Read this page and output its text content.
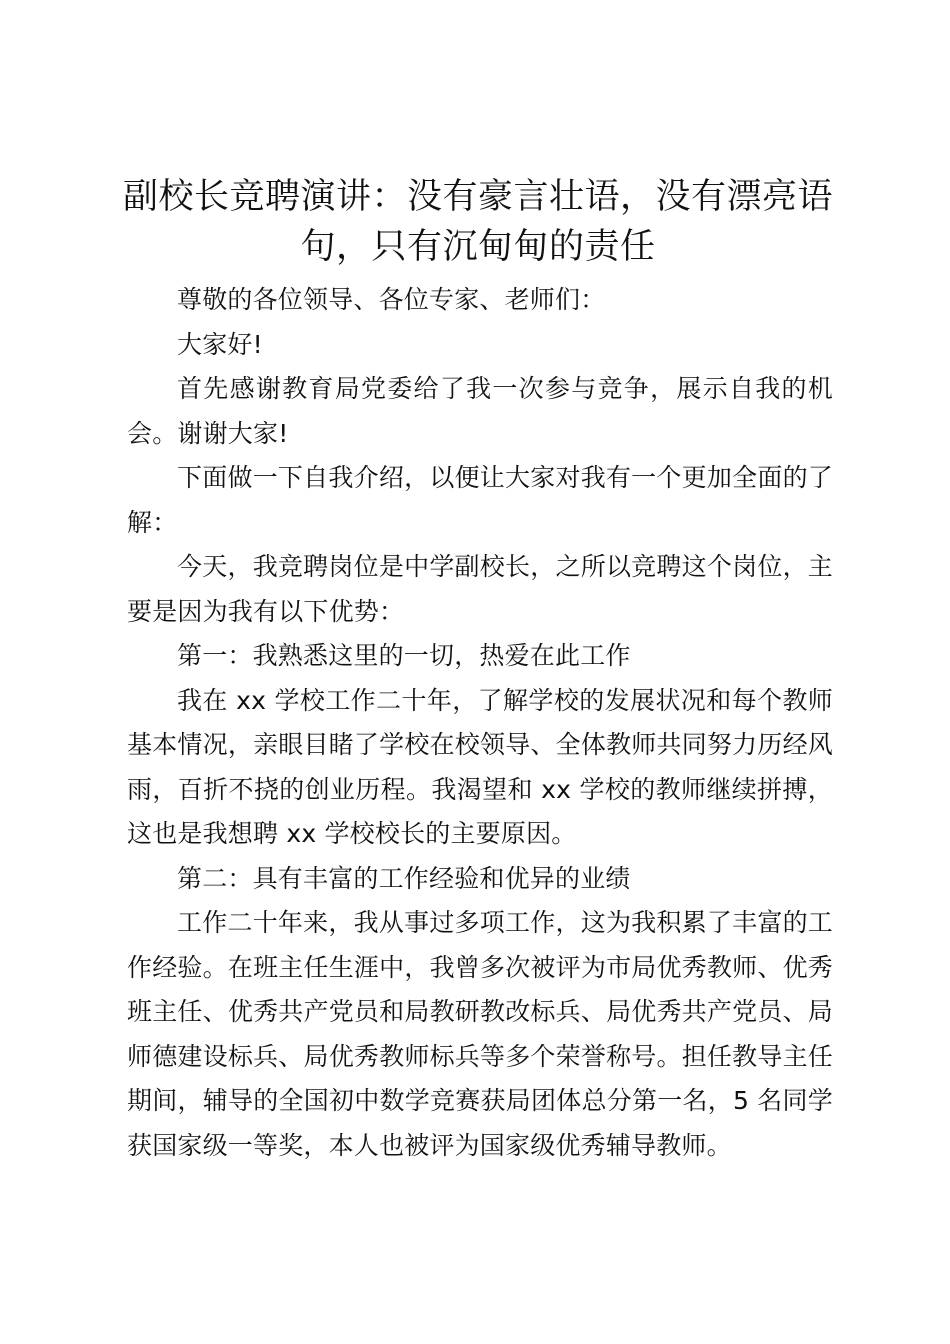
副校长竞聘演讲：没有豪言壮语，没有漂亮语句，只有沉甸甸的责任

尊敬的各位领导、各位专家、老师们：

大家好!

首先感谢教育局党委给了我一次参与竞争，展示自我的机会。谢谢大家!

下面做一下自我介绍，以便让大家对我有一个更加全面的了解：

今天，我竞聘岗位是中学副校长，之所以竞聘这个岗位，主要是因为我有以下优势：

第一：我熟悉这里的一切，热爱在此工作

我在 xx 学校工作二十年，了解学校的发展状况和每个教师基本情况，亲眼目睹了学校在校领导、全体教师共同努力历经风雨，百折不挠的创业历程。我渴望和 xx 学校的教师继续拼搏，这也是我想聘 xx 学校校长的主要原因。

第二：具有丰富的工作经验和优异的业绩

工作二十年来，我从事过多项工作，这为我积累了丰富的工作经验。在班主任生涯中，我曾多次被评为市局优秀教师、优秀班主任、优秀共产党员和局教研教改标兵、局优秀共产党员、局师德建设标兵、局优秀教师标兵等多个荣誉称号。担任教导主任期间，辅导的全国初中数学竞赛获局团体总分第一名，5 名同学获国家级一等奖，本人也被评为国家级优秀辅导教师。
